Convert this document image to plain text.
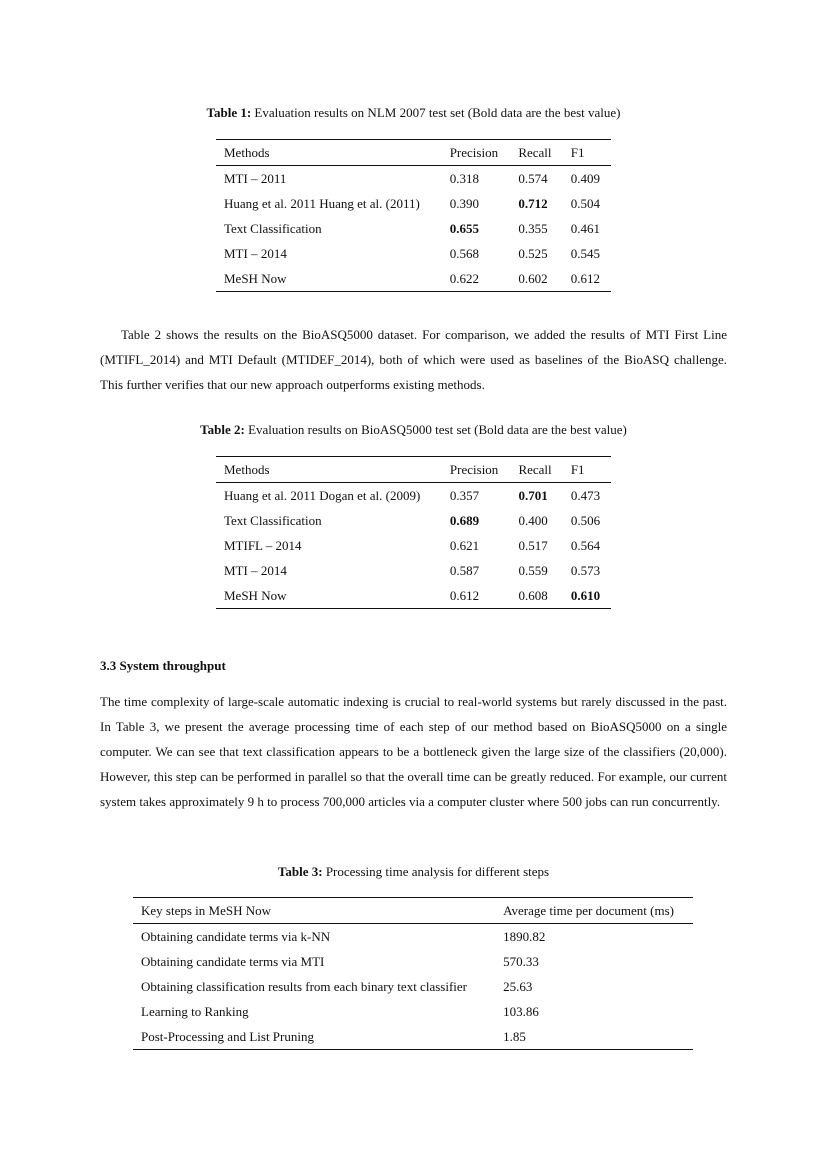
Table 1: Evaluation results on NLM 2007 test set (Bold data are the best value)
Methods	Precision	Recall	F1
MTI – 2011	0.318	0.574	0.409
Huang et al. 2011 Huang et al. (2011)	0.390	0.712	0.504
Text Classification	0.655	0.355	0.461
MTI – 2014	0.568	0.525	0.545
MeSH Now	0.622	0.602	0.612
Table 2 shows the results on the BioASQ5000 dataset. For comparison, we added the results of MTI First Line (MTIFL_2014) and MTI Default (MTIDEF_2014), both of which were used as baselines of the BioASQ challenge. This further verifies that our new approach outperforms existing methods.
Table 2: Evaluation results on BioASQ5000 test set (Bold data are the best value)
Methods	Precision	Recall	F1
Huang et al. 2011 Dogan et al. (2009)	0.357	0.701	0.473
Text Classification	0.689	0.400	0.506
MTIFL – 2014	0.621	0.517	0.564
MTI – 2014	0.587	0.559	0.573
MeSH Now	0.612	0.608	0.610
3.3 System throughput
The time complexity of large-scale automatic indexing is crucial to real-world systems but rarely discussed in the past. In Table 3, we present the average processing time of each step of our method based on BioASQ5000 on a single computer. We can see that text classification appears to be a bottleneck given the large size of the classifiers (20,000). However, this step can be performed in parallel so that the overall time can be greatly reduced. For example, our current system takes approximately 9 h to process 700,000 articles via a computer cluster where 500 jobs can run concurrently.
Table 3: Processing time analysis for different steps
Key steps in MeSH Now	Average time per document (ms)
Obtaining candidate terms via k-NN	1890.82
Obtaining candidate terms via MTI	570.33
Obtaining classification results from each binary text classifier	25.63
Learning to Ranking	103.86
Post-Processing and List Pruning	1.85
